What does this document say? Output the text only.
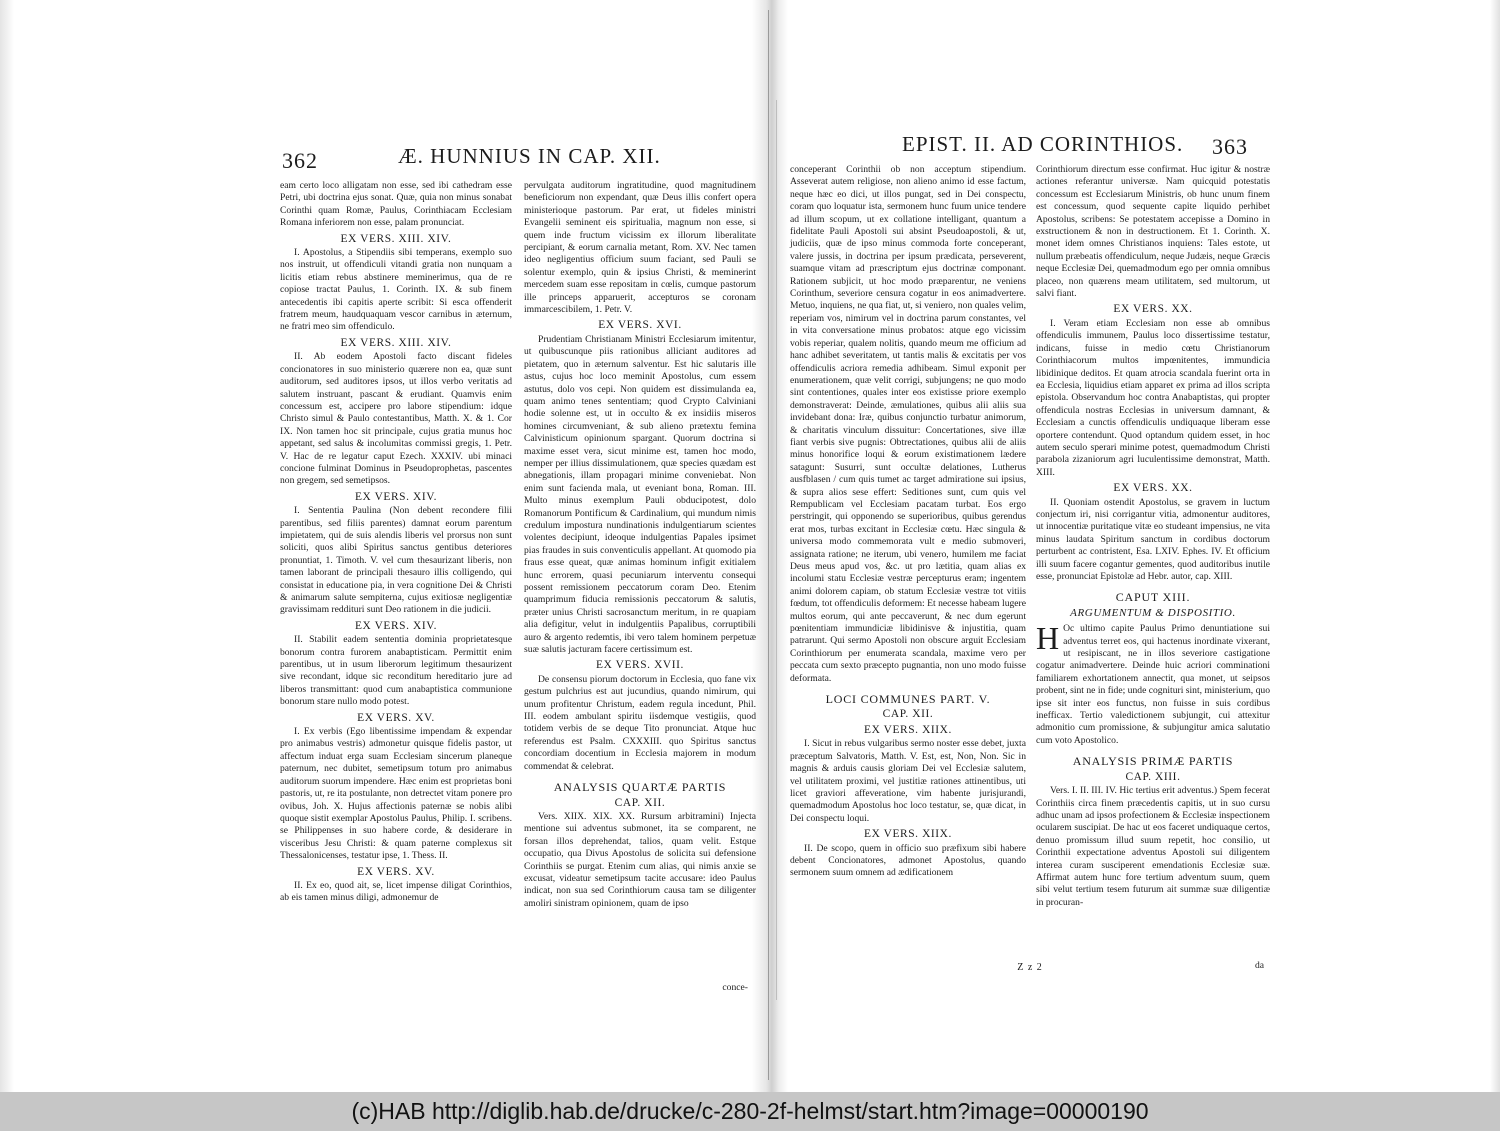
362	Æ. HUNNIUS IN CAP. XII.

eam certo loco alligatam non esse, sed ibi cathedram esse Petri, ubi doctrina ejus sonat. Quæ, quia non minus sonabat Corinthi quam Romæ, Paulus, Corinthiacam Ecclesiam Romana inferiorem non esse, palam pronunciat.

EX VERS. XIII. XIV.

I. Apostolus, a Stipendiis sibi temperans, exemplo suo nos instruit, ut offendiculi vitandi gratia non nunquam a licitis etiam rebus abstinere meminerimus, qua de re copiose tractat Paulus, 1. Corinth. IX. & sub finem antecedentis ibi capitis aperte scribit: Si esca offenderit fratrem meum, haudquaquam vescor carnibus in æternum, ne fratri meo sim offendiculo.

EX VERS. XIII. XIV.

II. Ab eodem Apostoli facto discant fideles concionatores in suo ministerio quærere non ea, quæ sunt auditorum, sed auditores ipsos, ut illos verbo veritatis ad salutem instruant, pascant & erudiant. Quamvis enim concessum est, accipere pro labore stipendium: idque Christo simul & Paulo contestantibus, Matth. X. & 1. Cor IX. Non tamen hoc sit principale, cujus gratia munus hoc appetant, sed salus & incolumitas commissi gregis, 1. Petr. V. Hac de re legatur caput Ezech. XXXIV. ubi minaci concione fulminat Dominus in Pseudoprophetas, pascentes non gregem, sed semetipsos.

EX VERS. XIV.

I. Sententia Paulina (Non debent recondere filii parentibus, sed filiis parentes) damnat eorum parentum impietatem, qui de suis alendis liberis vel prorsus non sunt soliciti, quos alibi Spiritus sanctus gentibus deteriores pronuntiat, 1. Timoth. V. vel cum thesaurizant liberis, non tamen laborant de principali thesauro illis colligendo, qui consistat in educatione pia, in vera cognitione Dei & Christi & animarum salute sempiterna, cujus exitiosæ negligentiæ gravissimam reddituri sunt Deo rationem in die judicii.

EX VERS. XIV.

II. Stabilit eadem sententia dominia proprietatesque bonorum contra furorem anabaptisticam. Permittit enim parentibus, ut in usum liberorum legitimum thesaurizent sive recondant, idque sic reconditum hereditario jure ad liberos transmittant: quod cum anabaptistica communione bonorum stare nullo modo potest.

EX VERS. XV.

I. Ex verbis (Ego libentissime impendam & expendar pro animabus vestris) admonetur quisque fidelis pastor, ut affectum induat erga suam Ecclesiam sincerum planeque paternum, nec dubitet, semetipsum totum pro animabus auditorum suorum impendere. Hæc enim est proprietas boni pastoris, ut, re ita postulante, non detrectet vitam ponere pro ovibus, Joh. X. Hujus affectionis paternæ se nobis alibi quoque sistit exemplar Apostolus Paulus, Philip. I. scribens. se Philippenses in suo habere corde, & desiderare in visceribus Jesu Christi: & quam paterne complexus sit Thessalonicenses, testatur ipse, 1. Thess. II.

EX VERS. XV.

II. Ex eo, quod ait, se, licet impense diligat Corinthios, ab eis tamen minus diligi, admonemur de

pervulgata auditorum ingratitudine, quod magnitudinem beneficiorum non expendant, quæ Deus illis confert opera ministerioque pastorum. Par erat, ut fideles ministri Evangelii seminent eis spiritualia, magnum non esse, si quem inde fructum vicissim ex illorum liberalitate percipiant, & eorum carnalia metant, Rom. XV. Nec tamen ideo negligentius officium suum faciant, sed Pauli se solentur exemplo, quin & ipsius Christi, & meminerint mercedem suam esse repositam in cœlis, cumque pastorum ille princeps apparuerit, accepturos se coronam immarcescibilem, 1. Petr. V.

EX VERS. XVI.

Prudentiam Christianam Ministri Ecclesiarum imitentur, ut quibuscunque piis rationibus alliciant auditores ad pietatem, quo in æternum salventur. Est hic salutaris ille astus, cujus hoc loco meminit Apostolus, cum essem astutus, dolo vos cepi. Non quidem est dissimulanda ea, quam animo tenes sententiam; quod Crypto Calviniani hodie solenne est, ut in occulto & ex insidiis miseros homines circumveniant, & sub alieno prætextu femina Calvinisticum opinionum spargant. Quorum doctrina si maxime esset vera, sicut minime est, tamen hoc modo, nemper per illius dissimulationem, quæ species quædam est abnegationis, illam propagari minime conveniebat. Non enim sunt facienda mala, ut eveniant bona, Roman. III. Multo minus exemplum Pauli obducipotest, dolo Romanorum Pontificum & Cardinalium, qui mundum nimis credulum impostura nundinationis indulgentiarum scientes volentes decipiunt, ideoque indulgentias Papales ipsimet pias fraudes in suis conventiculis appellant. At quomodo pia fraus esse queat, quæ animas hominum infigit exitialem hunc errorem, quasi pecuniarum interventu consequi possent remissionem peccatorum coram Deo. Etenim quamprimum fiducia remissionis peccatorum & salutis, præter unius Christi sacrosanctum meritum, in re quapiam alia defigitur, velut in indulgentiis Papalibus, corruptibili auro & argento redemtis, ibi vero talem hominem perpetuæ suæ salutis jacturam facere certissimum est.

EX VERS. XVII.

De consensu piorum doctorum in Ecclesia, quo fane vix gestum pulchrius est aut jucundius, quando nimirum, qui unum profitentur Christum, eadem regula incedunt, Phil. III. eodem ambulant spiritu iisdemque vestigiis, quod totidem verbis de se deque Tito pronunciat. Atque huc referendus est Psalm. CXXXIII. quo Spiritus sanctus concordiam docentium in Ecclesia majorem in modum commendat & celebrat.

ANALYSIS QUARTÆ PARTIS
CAP. XII.

Vers. XIIX. XIX. XX. Rursum arbitramini) Injecta mentione sui adventus submonet, ita se comparent, ne forsan illos deprehendat, talios, quam velit. Estque occupatio, qua Divus Apostolus de solicita sui defensione Corinthiis se purgat. Etenim cum alias, qui nimis anxie se excusat, videatur semetipsum tacite accusare: ideo Paulus indicat, non sua sed Corinthiorum causa tam se diligenter amoliri sinistram opinionem, quam de ipso

conce-
EPIST. II. AD CORINTHIOS. 363

conceperant Corinthii ob non acceptum stipendium. Asseverat autem religiose, non alieno animo id esse factum, neque hæc eo dici, ut illos pungat, sed in Dei conspectu, coram quo loquatur ista, sermonem hunc fuum unice tendere ad illum scopum, ut ex collatione intelligant, quantum a fidelitate Pauli Apostoli sui absint Pseudoapostoli, & ut, judiciis, quæ de ipso minus commoda forte conceperant, valere jussis, in doctrina per ipsum prædicata, perseverent, suamque vitam ad præscriptum ejus doctrinæ componant. Rationem subjicit, ut hoc modo præparentur, ne veniens Corinthum, severiore censura cogatur in eos animadvertere. Metuo, inquiens, ne qua fiat, ut, si veniero, non quales velim, reperiam vos, nimirum vel in doctrina parum constantes, vel in vita conversatione minus probatos: atque ego vicissim vobis reperiar, qualem nolitis, quando meum me officium ad hanc adhibet severitatem, ut tantis malis & excitatis per vos offendiculis acriora remedia adhibeam. Simul exponit per enumerationem, quæ velit corrigi, subjungens; ne quo modo sint contentiones, quales inter eos existisse priore exemplo demonstraverat: Deinde, æmulationes, quibus alii aliis sua invidebant dona: Iræ, quibus conjunctio turbatur animorum, & charitatis vinculum dissuitur: Concertationes, sive illæ fiant verbis sive pugnis: Obtrectationes, quibus alii de aliis minus honorifice loqui & eorum existimationem lædere satagunt: Susurri, sunt occultæ delationes, Lutherus ausfblasen / cum quis tumet ac target admiratione sui ipsius, & supra alios sese effert: Seditiones sunt, cum quis vel Rempublicam vel Ecclesiam pacatam turbat. Eos ergo perstringit, qui opponendo se superioribus, quibus gerendus erat mos, turbas excitant in Ecclesiæ cœtu. Hæc singula & universa modo commemorata vult e medio submoveri, assignata ratione; ne iterum, ubi venero, humilem me faciat Deus meus apud vos, &c. ut pro lætitia, quam alias ex incolumi statu Ecclesiæ vestræ percepturus eram; ingentem animi dolorem capiam, ob statum Ecclesiæ vestræ tot vitiis fœdum, tot offendiculis deformem: Et necesse habeam lugere multos eorum, qui ante peccaverunt, & nec dum egerunt pœnitentiam immundiciæ libidinisve & injustitia, quam patrarunt. Qui sermo Apostoli non obscure arguit Ecclesiam Corinthiorum per enumerata scandala, maxime vero per peccata cum sexto præcepto pugnantia, non uno modo fuisse deformata.

LOCI COMMUNES PART. V.
CAP. XII.
EX VERS. XIIX.

I. Sicut in rebus vulgaribus sermo noster esse debet, juxta præceptum Salvatoris, Matth. V. Est, est, Non, Non. Sic in magnis & arduis causis gloriam Dei vel Ecclesiæ salutem, vel utilitatem proximi, vel justitiæ rationes attinentibus, uti licet graviori affeveratione, vim habente jurisjurandi, quemadmodum Apostolus hoc loco testatur, se, quæ dicat, in Dei conspectu loqui.

EX VERS. XIIX.

II. De scopo, quem in officio suo præfixum sibi habere debent Concionatores, admonet Apostolus, quando sermonem suum omnem ad ædificationem

Corinthiorum directum esse confirmat. Huc igitur & nostræ actiones referantur universæ. Nam quicquid potestatis concessum est Ecclesiarum Ministris, ob hunc unum finem est concessum, quod sequente capite liquido perhibet Apostolus, scribens: Se potestatem accepisse a Domino in exstructionem & non in destructionem. Et 1. Corinth. X. monet idem omnes Christianos inquiens: Tales estote, ut nullum præbeatis offendiculum, neque Judæis, neque Græcis neque Ecclesiæ Dei, quemadmodum ego per omnia omnibus placeo, non quærens meam utilitatem, sed multorum, ut salvi fiant.

EX VERS. XX.

I. Veram etiam Ecclesiam non esse ab omnibus offendiculis immunem, Paulus loco dissertissime testatur, indicans, fuisse in medio cœtu Christianorum Corinthiacorum multos impœnitentes, immundicia libidinique deditos. Et quam atrocia scandala fuerint orta in ea Ecclesia, liquidius etiam apparet ex prima ad illos scripta epistola. Observandum hoc contra Anabaptistas, qui propter offendicula nostras Ecclesias in universum damnant, & Ecclesiam a cunctis offendiculis undiquaque liberam esse oportere contendunt. Quod optandum quidem esset, in hoc autem seculo sperari minime potest, quemadmodum Christi parabola zizaniorum agri luculentissime demonstrat, Matth. XIII.

EX VERS. XX.

II. Quoniam ostendit Apostolus, se gravem in luctum conjectum iri, nisi corrigantur vitia, admonentur auditores, ut innocentiæ puritatique vitæ eo studeant impensius, ne vita minus laudata Spiritum sanctum in cordibus doctorum perturbent ac contristent, Esa. LXIV. Ephes. IV. Et officium illi suum facere cogantur gementes, quod auditoribus inutile esse, pronunciat Epistolæ ad Hebr. autor, cap. XIII.

CAPUT XIII.
ARGUMENTUM & DISPOSITIO.

H Oc ultimo capite Paulus Primo denuntiatione sui adventus terret eos, qui hactenus inordinate vixerant, ut resipiscant, ne in illos severiore castigatione cogatur animadvertere. Deinde huic acriori comminationi familiarem exhortationem annectit, qua monet, ut seipsos probent, sint ne in fide; unde cognituri sint, ministerium, quo ipse sit inter eos functus, non fuisse in suis cordibus inefficax. Tertio valedictionem subjungit, cui attexitur admonitio cum promissione, & subjungitur amica salutatio cum voto Apostolico.

ANALYSIS PRIMÆ PARTIS
CAP. XIII.

Vers. I. II. III. IV. Hic tertius erit adventus.) Spem fecerat Corinthiis circa finem præcedentis capitis, ut in suo cursu adhuc unam ad ipsos profectionem & Ecclesiæ inspectionem ocularem suscipiat. De hac ut eos faceret undiquaque certos, denuo promissum illud suum repetit, hoc consilio, ut Corinthii expectatione adventus Apostoli sui diligentem interea curam susciperent emendationis Ecclesiæ suæ. Affirmat autem hunc fore tertium adventum suum, quem sibi velut tertium tesem futurum ait summæ suæ diligentiæ in procuran-

Z z 2	da
(c)HAB http://diglib.hab.de/drucke/c-280-2f-helmst/start.htm?image=00000190
